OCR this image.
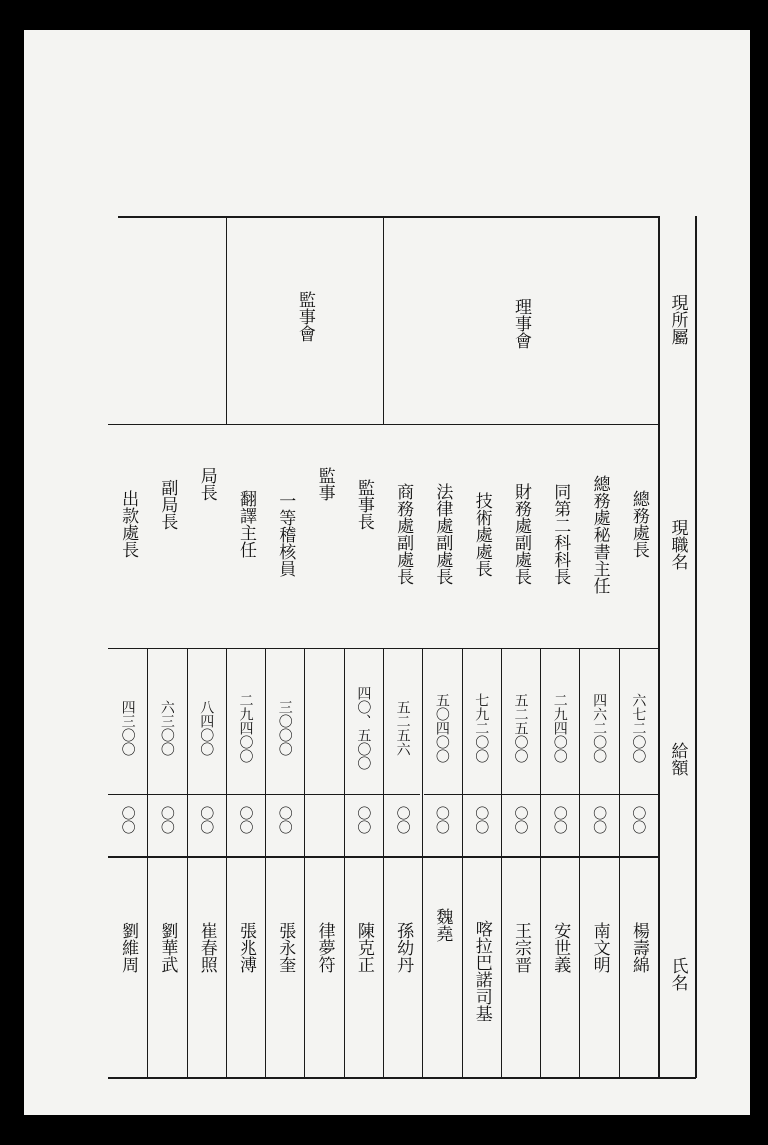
現所屬
現職名
給額
氏名
理事會
監事會
總務處長
六七二〇〇
〇〇
楊壽綿
總務處秘書主任
四六二〇〇
〇〇
南文明
同第二科科長
二九四〇〇
〇〇
安世義
財務處副處長
五二五〇〇
〇〇
王宗晋
技術處處長
七九二〇〇
〇〇
喀拉巴諾司基
法律處副處長
五〇四〇〇
〇〇
魏堯
商務處副處長
五二五六
〇〇
孫幼丹
監事長
四〇、五〇〇
〇〇
陳克正
監事
律夢符
一等稽核員
三〇〇〇
〇〇
張永奎
翻譯主任
二九四〇〇
〇〇
張兆溥
局長
八四〇〇
〇〇
崔春照
副局長
六三〇〇
〇〇
劉華武
出款處長
四三〇〇
〇〇
劉維周
